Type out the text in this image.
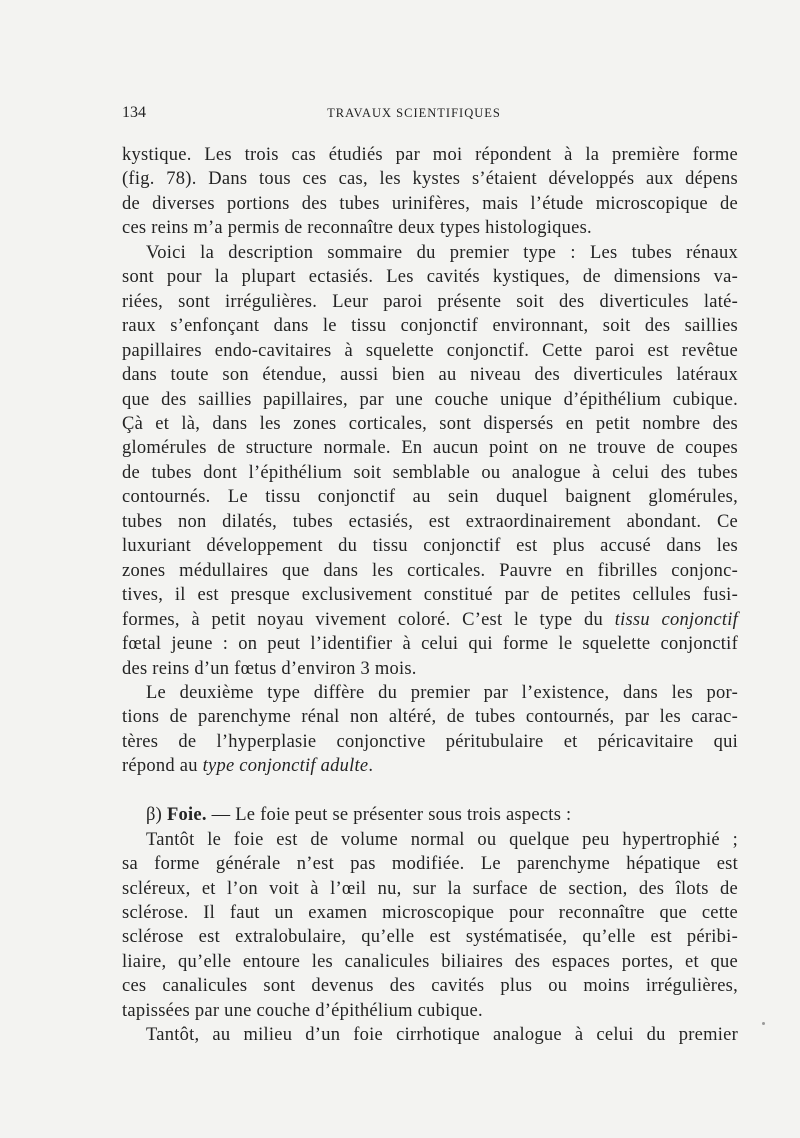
134	TRAVAUX SCIENTIFIQUES
kystique. Les trois cas étudiés par moi répondent à la première forme
(fig. 78). Dans tous ces cas, les kystes s’étaient développés aux dépens
de diverses portions des tubes urinifères, mais l’étude microscopique de
ces reins m’a permis de reconnaître deux types histologiques.
Voici la description sommaire du premier type : Les tubes rénaux
sont pour la plupart ectasiés. Les cavités kystiques, de dimensions va-
riées, sont irrégulières. Leur paroi présente soit des diverticules laté-
raux s’enfonçant dans le tissu conjonctif environnant, soit des saillies
papillaires endo-cavitaires à squelette conjonctif. Cette paroi est revêtue
dans toute son étendue, aussi bien au niveau des diverticules latéraux
que des saillies papillaires, par une couche unique d’épithélium cubique.
Çà et là, dans les zones corticales, sont dispersés en petit nombre des
glomérules de structure normale. En aucun point on ne trouve de coupes
de tubes dont l’épithélium soit semblable ou analogue à celui des tubes
contournés. Le tissu conjonctif au sein duquel baignent glomérules,
tubes non dilatés, tubes ectasiés, est extraordinairement abondant. Ce
luxuriant développement du tissu conjonctif est plus accusé dans les
zones médullaires que dans les corticales. Pauvre en fibrilles conjonc-
tives, il est presque exclusivement constitué par de petites cellules fusi-
formes, à petit noyau vivement coloré. C’est le type du tissu conjonctif
fœtal jeune : on peut l’identifier à celui qui forme le squelette conjonctif
des reins d’un fœtus d’environ 3 mois.
Le deuxième type diffère du premier par l’existence, dans les por-
tions de parenchyme rénal non altéré, de tubes contournés, par les carac-
tères de l’hyperplasie conjonctive péritubulaire et péricavitaire qui
répond au type conjonctif adulte.
β) Foie. — Le foie peut se présenter sous trois aspects :
Tantôt le foie est de volume normal ou quelque peu hypertrophié ;
sa forme générale n’est pas modifiée. Le parenchyme hépatique est
scléreux, et l’on voit à l’œil nu, sur la surface de section, des îlots de
sclérose. Il faut un examen microscopique pour reconnaître que cette
sclérose est extralobulaire, qu’elle est systématisée, qu’elle est péribi-
liaire, qu’elle entoure les canalicules biliaires des espaces portes, et que
ces canalicules sont devenus des cavités plus ou moins irrégulières,
tapissées par une couche d’épithélium cubique.
Tantôt, au milieu d’un foie cirrhotique analogue à celui du premier
